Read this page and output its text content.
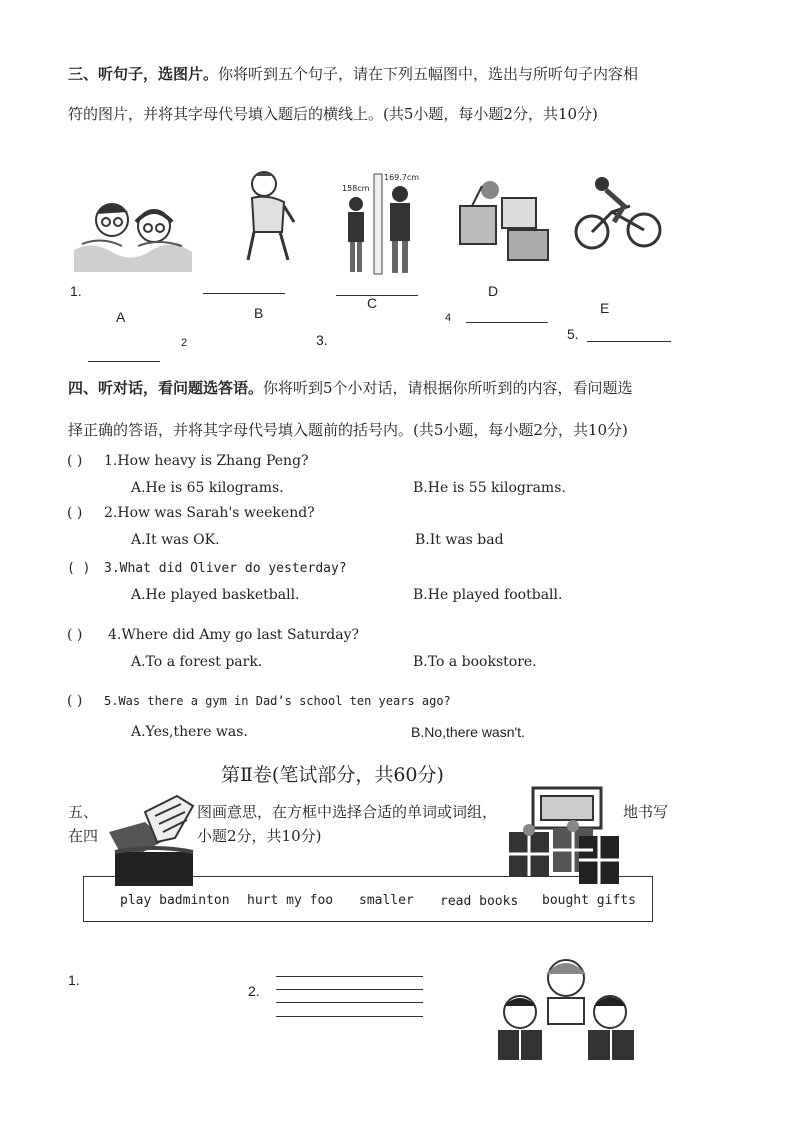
三、听句子，选图片。你将听到五个句子，请在下列五幅图中，选出与所听句子内容相
符的图片，并将其字母代号填入题后的横线上。(共5小题，每小题2分，共10分)
158cm
169.7cm
1.
A	B
C
D
E
4
5.
2	3.
四、听对话，看问题选答语。你将听到5个小对话，请根据你所听到的内容，看问题选
择正确的答语，并将其字母代号填入题前的括号内。(共5小题，每小题2分，共10分)
( ) 1.How heavy is Zhang Peng?
A.He is 65 kilograms.	B.He is 55 kilograms.
( ) 2.How was Sarah's weekend?
A.It was OK.	B.It was bad
( ) 3.What did Oliver do yesterday?
A.He played basketball.	B.He played football.
( ) 4.Where did Amy go last Saturday?
A.To a forest park.	B.To a bookstore.
( ) 5.Was there a gym in Dad’s school ten years ago?
A.Yes,there was.	B.No,there wasn't.
第Ⅱ卷(笔试部分，共60分)
五、	图画意思，在方框中选择合适的单词或词组，	地书写
在四	小题2分，共10分)
play badminton hurt my foo smaller read books bought gifts
1.
2.
